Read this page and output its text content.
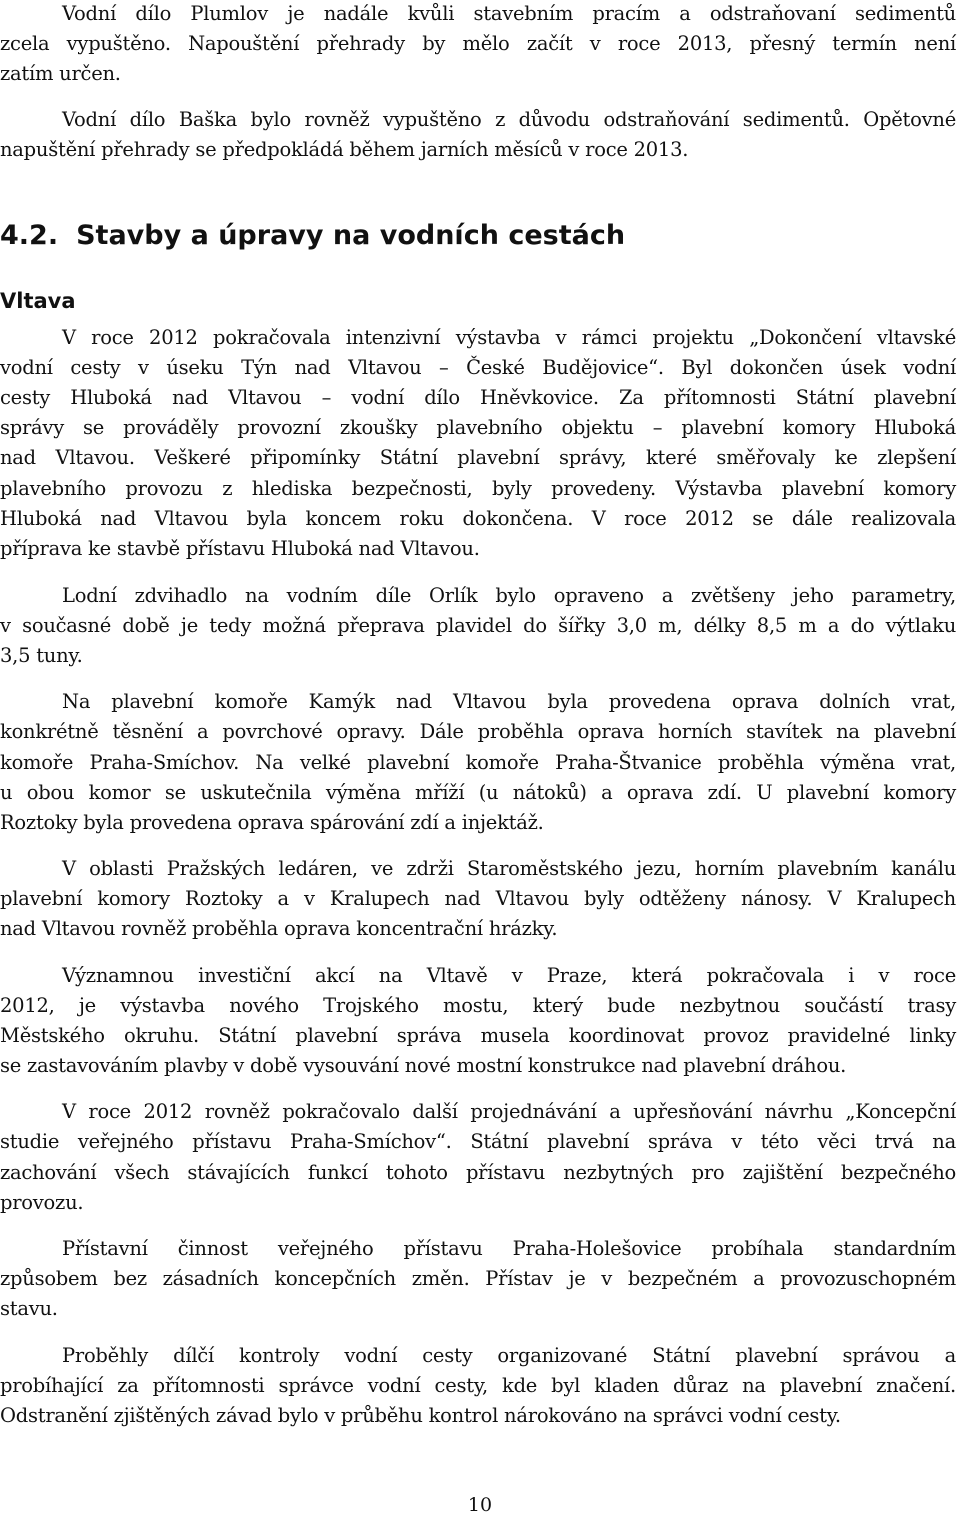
Vodní dílo Plumlov je nadále kvůli stavebním pracím a odstraňovaní sedimentů
zcela vypuštěno. Napouštění přehrady by mělo začít v roce 2013, přesný termín není
zatím určen.
Vodní dílo Baška bylo rovněž vypuštěno z důvodu odstraňování sedimentů. Opětovné
napuštění přehrady se předpokládá během jarních měsíců v roce 2013.
4.2. Stavby a úpravy na vodních cestách
Vltava
V roce 2012 pokračovala intenzivní výstavba v rámci projektu „Dokončení vltavské
vodní cesty v úseku Týn nad Vltavou – České Budějovice“. Byl dokončen úsek vodní
cesty Hluboká nad Vltavou – vodní dílo Hněvkovice. Za přítomnosti Státní plavební
správy se prováděly provozní zkoušky plavebního objektu – plavební komory Hluboká
nad Vltavou. Veškeré připomínky Státní plavební správy, které směřovaly ke zlepšení
plavebního provozu z hlediska bezpečnosti, byly provedeny. Výstavba plavební komory
Hluboká nad Vltavou byla koncem roku dokončena. V roce 2012 se dále realizovala
příprava ke stavbě přístavu Hluboká nad Vltavou.
Lodní zdvihadlo na vodním díle Orlík bylo opraveno a zvětšeny jeho parametry,
v současné době je tedy možná přeprava plavidel do šířky 3,0 m, délky 8,5 m a do výtlaku
3,5 tuny.
Na plavební komoře Kamýk nad Vltavou byla provedena oprava dolních vrat,
konkrétně těsnění a povrchové opravy. Dále proběhla oprava horních stavítek na plavební
komoře Praha-Smíchov. Na velké plavební komoře Praha-Štvanice proběhla výměna vrat,
u obou komor se uskutečnila výměna mříží (u nátoků) a oprava zdí. U plavební komory
Roztoky byla provedena oprava spárování zdí a injektáž.
V oblasti Pražských ledáren, ve zdrži Staroměstského jezu, horním plavebním kanálu
plavební komory Roztoky a v Kralupech nad Vltavou byly odtěženy nánosy. V Kralupech
nad Vltavou rovněž proběhla oprava koncentrační hrázky.
Významnou investiční akcí na Vltavě v Praze, která pokračovala i v roce
2012, je výstavba nového Trojského mostu, který bude nezbytnou součástí trasy
Městského okruhu. Státní plavební správa musela koordinovat provoz pravidelné linky
se zastavováním plavby v době vysouvání nové mostní konstrukce nad plavební dráhou.
V roce 2012 rovněž pokračovalo další projednávání a upřesňování návrhu „Koncepční
studie veřejného přístavu Praha-Smíchov“. Státní plavební správa v této věci trvá na
zachování všech stávajících funkcí tohoto přístavu nezbytných pro zajištění bezpečného
provozu.
Přístavní činnost veřejného přístavu Praha-Holešovice probíhala standardním
způsobem bez zásadních koncepčních změn. Přístav je v bezpečném a provozuschopném
stavu.
Proběhly dílčí kontroly vodní cesty organizované Státní plavební správou a
probíhající za přítomnosti správce vodní cesty, kde byl kladen důraz na plavební značení.
Odstranění zjištěných závad bylo v průběhu kontrol nárokováno na správci vodní cesty.
10
